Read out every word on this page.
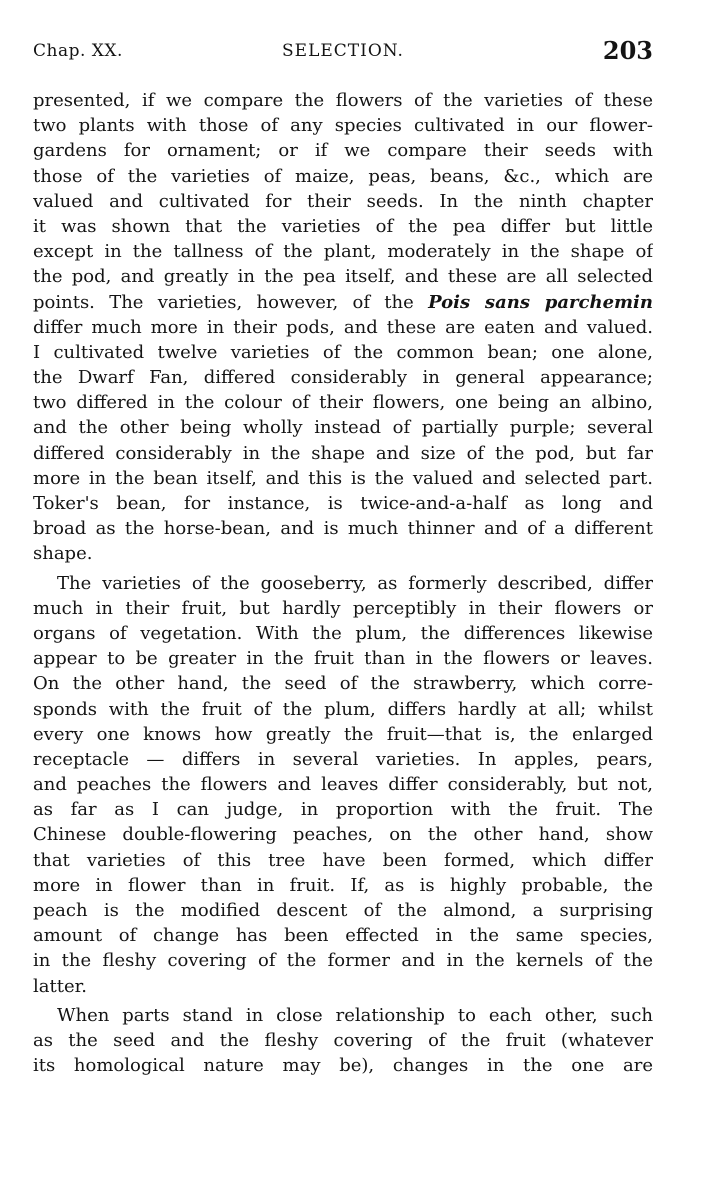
Chap. XX.	SELECTION.	203

presented, if we compare the flowers of the varieties of these
two plants with those of any species cultivated in our flower-
gardens for ornament; or if we compare their seeds with
those of the varieties of maize, peas, beans, &c., which are
valued and cultivated for their seeds. In the ninth chapter
it was shown that the varieties of the pea differ but little
except in the tallness of the plant, moderately in the shape of
the pod, and greatly in the pea itself, and these are all selected
points. The varieties, however, of the Pois sans parchemin
differ much more in their pods, and these are eaten and valued.
I cultivated twelve varieties of the common bean; one alone,
the Dwarf Fan, differed considerably in general appearance;
two differed in the colour of their flowers, one being an albino,
and the other being wholly instead of partially purple; several
differed considerably in the shape and size of the pod, but far
more in the bean itself, and this is the valued and selected part.
Toker's bean, for instance, is twice-and-a-half as long and
broad as the horse-bean, and is much thinner and of a different
shape.

The varieties of the gooseberry, as formerly described, differ
much in their fruit, but hardly perceptibly in their flowers or
organs of vegetation. With the plum, the differences likewise
appear to be greater in the fruit than in the flowers or leaves.
On the other hand, the seed of the strawberry, which corre-
sponds with the fruit of the plum, differs hardly at all; whilst
every one knows how greatly the fruit—that is, the enlarged
receptacle — differs in several varieties. In apples, pears,
and peaches the flowers and leaves differ considerably, but not,
as far as I can judge, in proportion with the fruit. The
Chinese double-flowering peaches, on the other hand, show
that varieties of this tree have been formed, which differ
more in flower than in fruit. If, as is highly probable, the
peach is the modified descent of the almond, a surprising
amount of change has been effected in the same species,
in the fleshy covering of the former and in the kernels of the
latter.

When parts stand in close relationship to each other, such
as the seed and the fleshy covering of the fruit (whatever
its homological nature may be), changes in the one are
